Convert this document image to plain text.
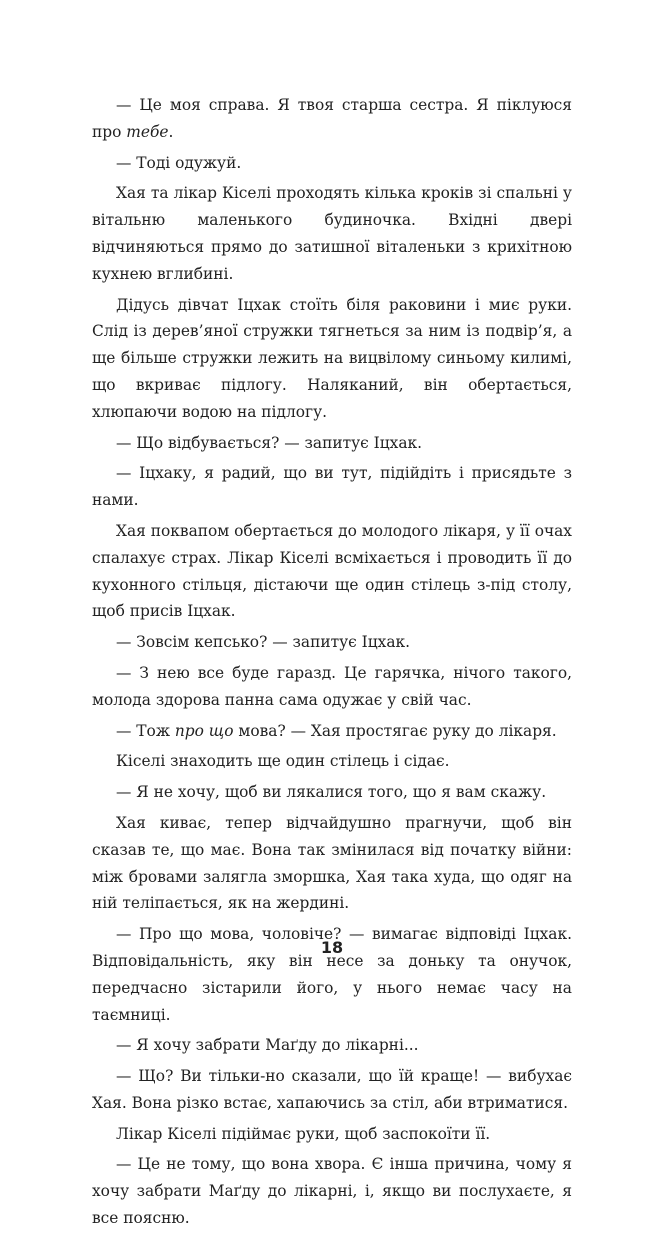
— Це моя справа. Я твоя старша сестра. Я піклуюся про тебе.

— Тоді одужуй.

Хая та лікар Кіселі проходять кілька кроків зі спальні у вітальню маленького будиночка. Вхідні двері відчиняються прямо до затишної віталеньки з крихітною кухнею вглибині.

Дідусь дівчат Іцхак стоїть біля раковини і миє руки. Слід із дерев’яної стружки тягнеться за ним із подвір’я, а ще більше стружки лежить на вицвілому синьому килимі, що вкриває підлогу. Наляканий, він обертається, хлюпаючи водою на підлогу.

— Що відбувається? — запитує Іцхак.

— Іцхаку, я радий, що ви тут, підійдіть і присядьте з нами.

Хая поквапом обертається до молодого лікаря, у її очах спалахує страх. Лікар Кіселі всміхається і проводить її до кухонного стільця, дістаючи ще один стілець з-під столу, щоб присів Іцхак.

— Зовсім кепсько? — запитує Іцхак.

— З нею все буде гаразд. Це гарячка, нічого такого, молода здорова панна сама одужає у свій час.

— Тож про що мова? — Хая простягає руку до лікаря.

Кіселі знаходить ще один стілець і сідає.

— Я не хочу, щоб ви лякалися того, що я вам скажу.

Хая киває, тепер відчайдушно прагнучи, щоб він сказав те, що має. Вона так змінилася від початку війни: між бровами залягла зморшка, Хая така худа, що одяг на ній теліпається, як на жердині.

— Про що мова, чоловіче? — вимагає відповіді Іцхак. Відповідальність, яку він несе за доньку та онучок, передчасно зістарили його, у нього немає часу на таємниці.

— Я хочу забрати Маґду до лікарні...

— Що? Ви тільки-но сказали, що їй краще! — вибухає Хая. Вона різко встає, хапаючись за стіл, аби втриматися.

Лікар Кіселі підіймає руки, щоб заспокоїти її.

— Це не тому, що вона хвора. Є інша причина, чому я хочу забрати Маґду до лікарні, і, якщо ви послухаєте, я все поясню.

18
